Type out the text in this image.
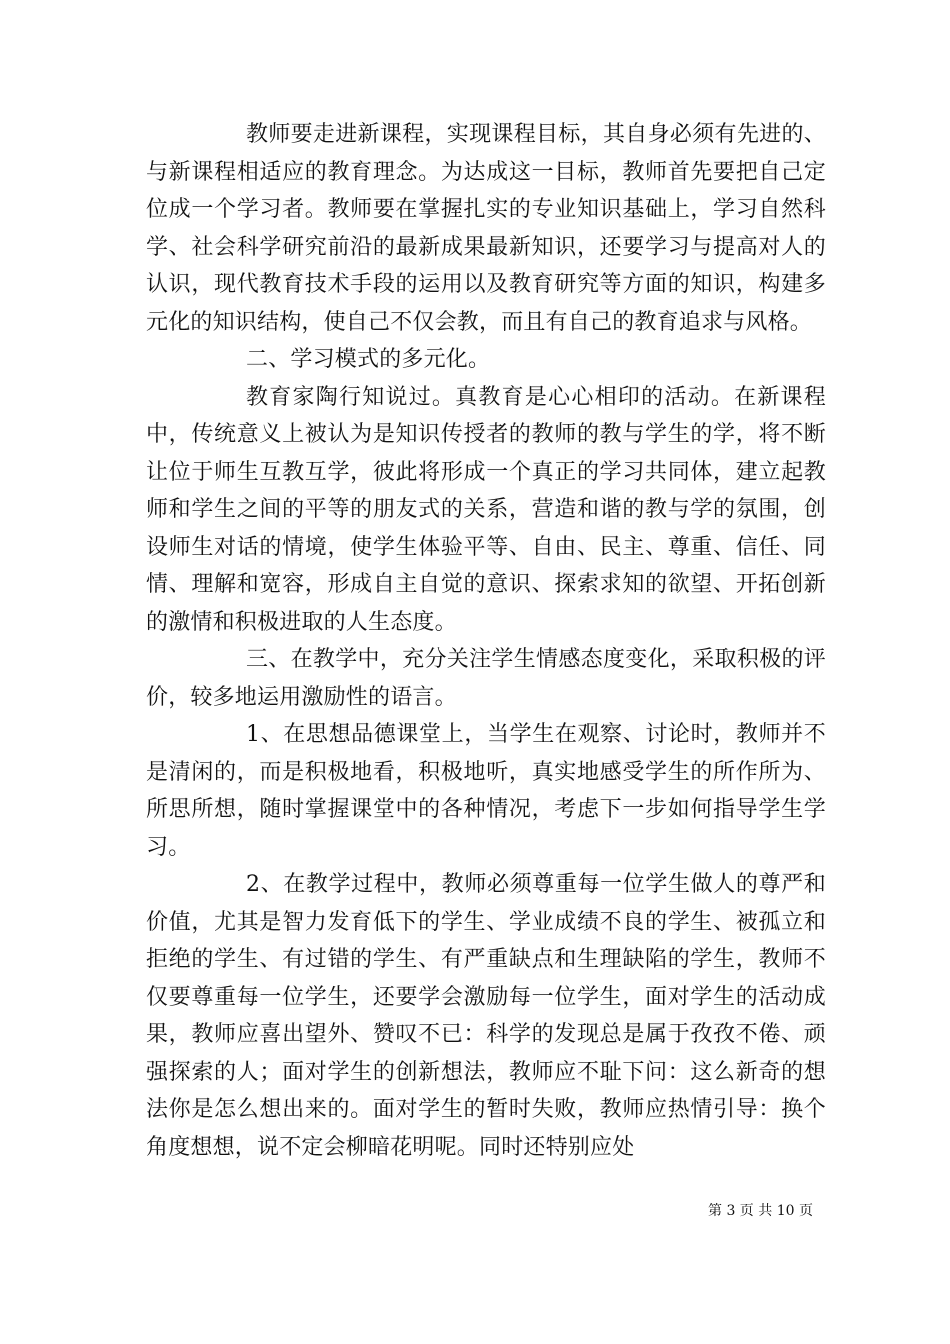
教师要走进新课程，实现课程目标，其自身必须有先进的、与新课程相适应的教育理念。为达成这一目标，教师首先要把自己定位成一个学习者。教师要在掌握扎实的专业知识基础上，学习自然科学、社会科学研究前沿的最新成果最新知识，还要学习与提高对人的认识，现代教育技术手段的运用以及教育研究等方面的知识，构建多元化的知识结构，使自己不仅会教，而且有自己的教育追求与风格。

二、学习模式的多元化。

教育家陶行知说过。真教育是心心相印的活动。在新课程中，传统意义上被认为是知识传授者的教师的教与学生的学，将不断让位于师生互教互学，彼此将形成一个真正的学习共同体，建立起教师和学生之间的平等的朋友式的关系，营造和谐的教与学的氛围，创设师生对话的情境，使学生体验平等、自由、民主、尊重、信任、同情、理解和宽容，形成自主自觉的意识、探索求知的欲望、开拓创新的激情和积极进取的人生态度。

三、在教学中，充分关注学生情感态度变化，采取积极的评价，较多地运用激励性的语言。

1、在思想品德课堂上，当学生在观察、讨论时，教师并不是清闲的，而是积极地看，积极地听，真实地感受学生的所作所为、所思所想，随时掌握课堂中的各种情况，考虑下一步如何指导学生学习。

2、在教学过程中，教师必须尊重每一位学生做人的尊严和价值，尤其是智力发育低下的学生、学业成绩不良的学生、被孤立和拒绝的学生、有过错的学生、有严重缺点和生理缺陷的学生，教师不仅要尊重每一位学生，还要学会激励每一位学生，面对学生的活动成果，教师应喜出望外、赞叹不已：科学的发现总是属于孜孜不倦、顽强探索的人；面对学生的创新想法，教师应不耻下问：这么新奇的想法你是怎么想出来的。面对学生的暂时失败，教师应热情引导：换个角度想想，说不定会柳暗花明呢。同时还特别应处

第 3 页 共 10 页
